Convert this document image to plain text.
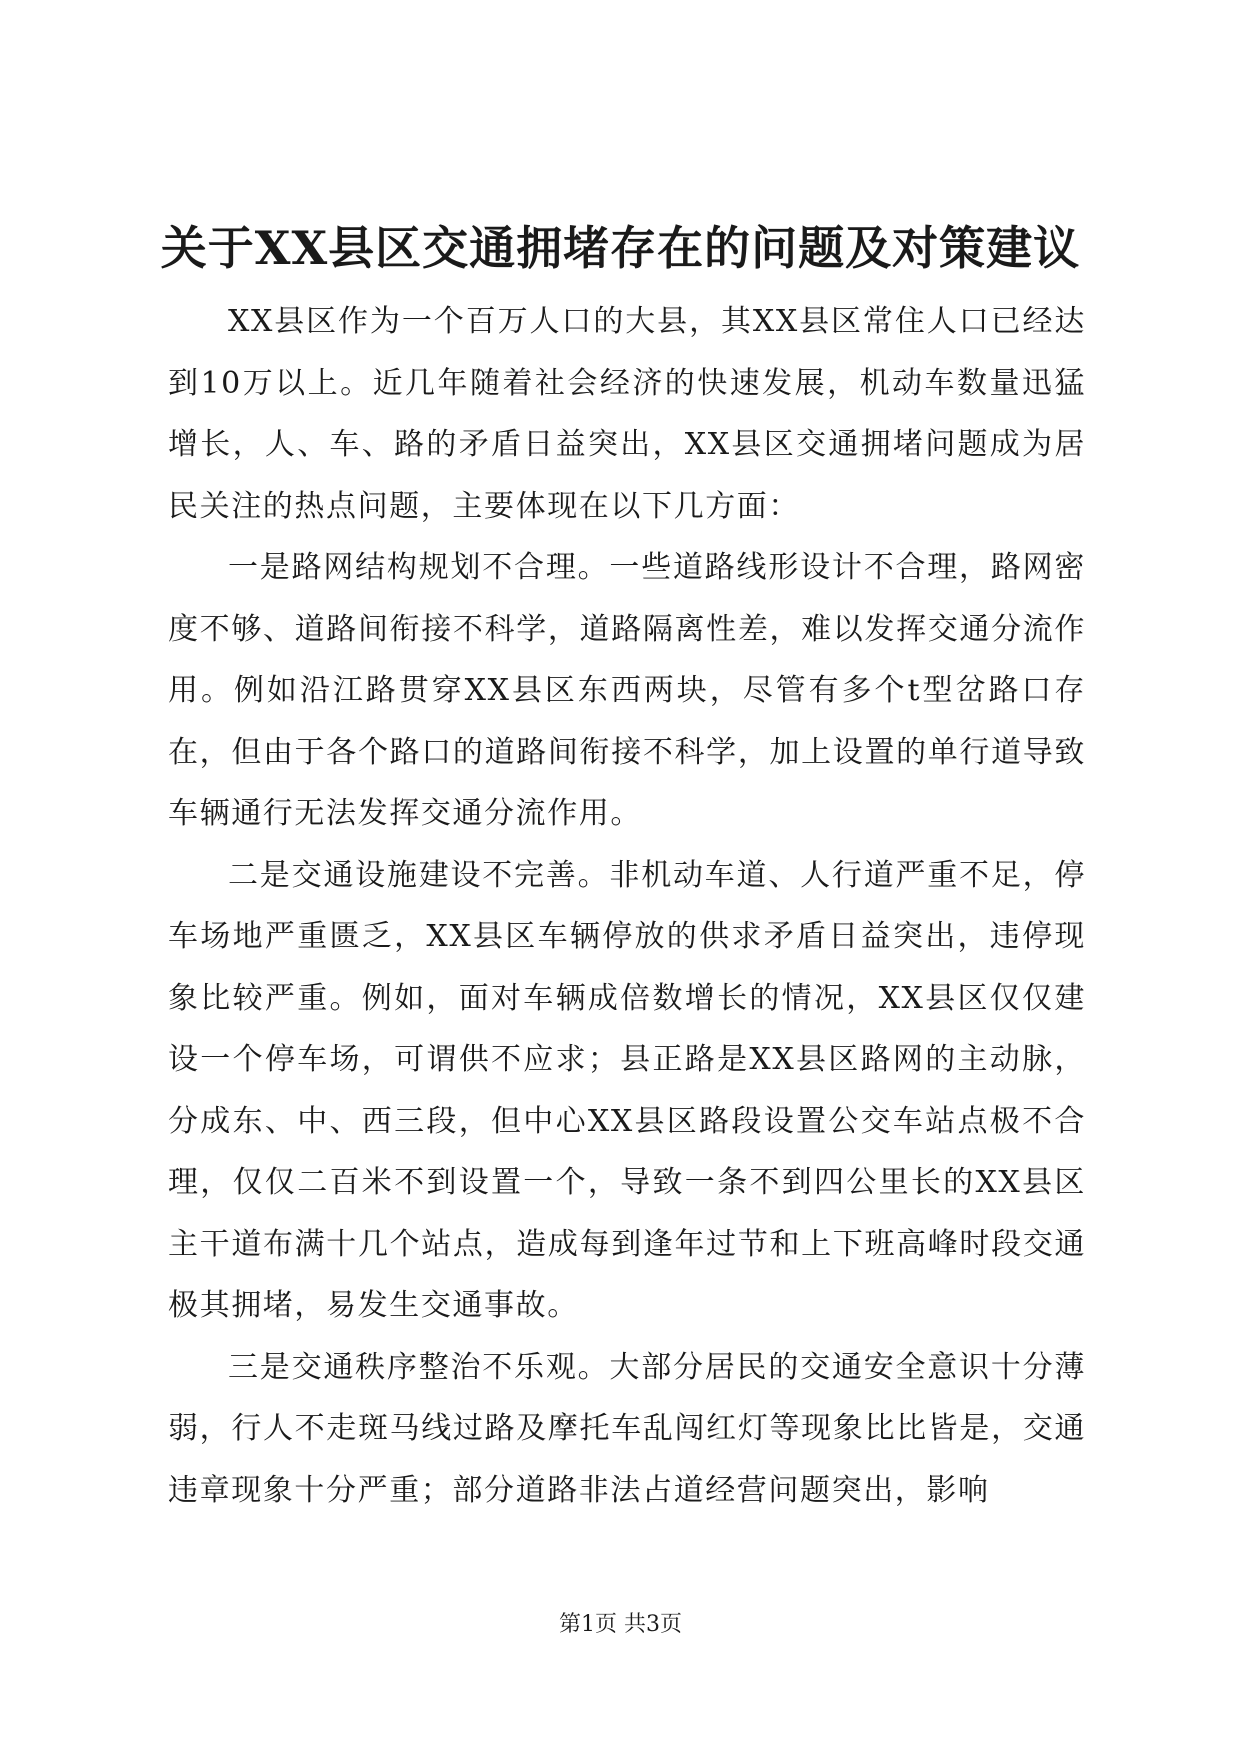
关于XX县区交通拥堵存在的问题及对策建议

XX县区作为一个百万人口的大县，其XX县区常住人口已经达到10万以上。近几年随着社会经济的快速发展，机动车数量迅猛增长，人、车、路的矛盾日益突出，XX县区交通拥堵问题成为居民关注的热点问题，主要体现在以下几方面：

一是路网结构规划不合理。一些道路线形设计不合理，路网密度不够、道路间衔接不科学，道路隔离性差，难以发挥交通分流作用。例如沿江路贯穿XX县区东西两块，尽管有多个t型岔路口存在，但由于各个路口的道路间衔接不科学，加上设置的单行道导致车辆通行无法发挥交通分流作用。

二是交通设施建设不完善。非机动车道、人行道严重不足，停车场地严重匮乏，XX县区车辆停放的供求矛盾日益突出，违停现象比较严重。例如，面对车辆成倍数增长的情况，XX县区仅仅建设一个停车场，可谓供不应求；县正路是XX县区路网的主动脉，分成东、中、西三段，但中心XX县区路段设置公交车站点极不合理，仅仅二百米不到设置一个，导致一条不到四公里长的XX县区主干道布满十几个站点，造成每到逢年过节和上下班高峰时段交通极其拥堵，易发生交通事故。

三是交通秩序整治不乐观。大部分居民的交通安全意识十分薄弱，行人不走斑马线过路及摩托车乱闯红灯等现象比比皆是，交通违章现象十分严重；部分道路非法占道经营问题突出，影响

第1页 共3页
